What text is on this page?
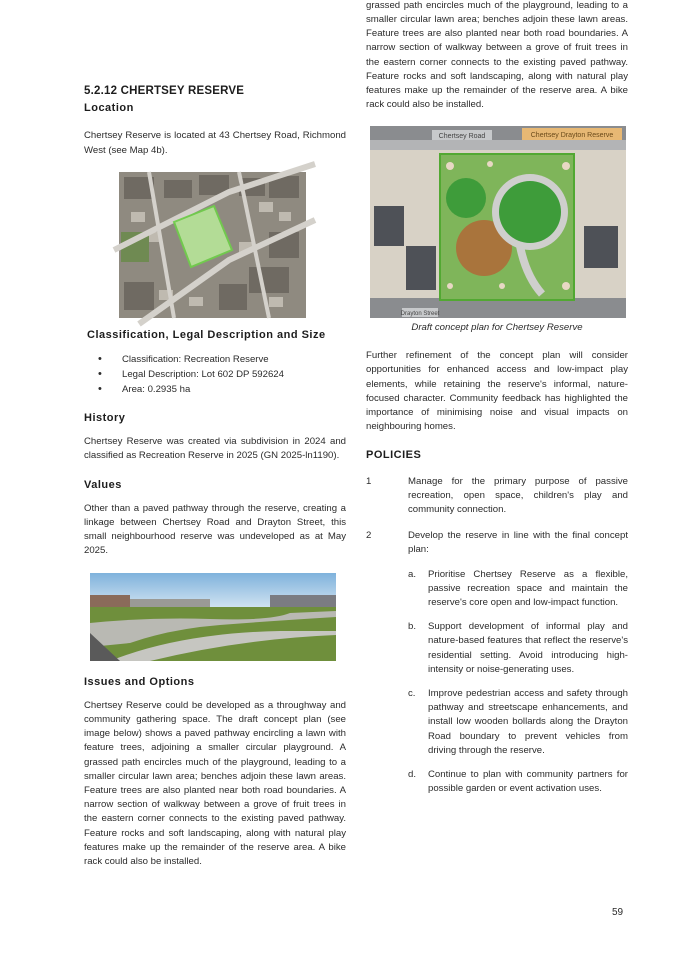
5.2.12 CHERTSEY RESERVE
Location

Chertsey Reserve is located at 43 Chertsey Road, Richmond West (see Map 4b).

Classification, Legal Description and Size
• Classification: Recreation Reserve
• Legal Description: Lot 602 DP 592624
• Area: 0.2935 ha
History

Chertsey Reserve was created via subdivision in 2024 and classified as Recreation Reserve in 2025 (GN 2025-ln1190).

Values

Other than a paved pathway through the reserve, creating a linkage between Chertsey Road and Drayton Street, this small neighbourhood reserve was undeveloped as at May 2025.

Issues and Options

Chertsey Reserve could be developed as a throughway and community gathering space. The draft concept plan (see image below) shows a paved pathway encircling a lawn with feature trees, adjoining a smaller circular playground. A grassed path encircles much of the playground, leading to a smaller circular lawn area; benches adjoin these lawn areas. Feature trees are also planted near both road boundaries. A narrow section of walkway between a grove of fruit trees in the eastern corner connects to the existing paved pathway. Feature rocks and soft landscaping, along with natural play features make up the remainder of the reserve area. A bike rack could also be installed.

grassed path encircles much of the playground, leading to a smaller circular lawn area; benches adjoin these lawn areas. Feature trees are also planted near both road boundaries. A narrow section of walkway between a grove of fruit trees in the eastern corner connects to the existing paved pathway. Feature rocks and soft landscaping, along with natural play features make up the remainder of the reserve area. A bike rack could also be installed.

Chertsey Road	Chertsey Drayton Reserve
Drayton Street
Draft concept plan for Chertsey Reserve

Further refinement of the concept plan will consider opportunities for enhanced access and low-impact play elements, while retaining the reserve's informal, nature-focused character. Community feedback has highlighted the importance of minimising noise and visual impacts on neighbouring homes.

POLICIES
1	Manage for the primary purpose of passive recreation, open space, children's play and community connection.
2	Develop the reserve in line with the final concept plan:
a.	Prioritise Chertsey Reserve as a flexible, passive recreation space and maintain the reserve's core open and low-impact function.
b.	Support development of informal play and nature-based features that reflect the reserve's residential setting. Avoid introducing high-intensity or noise-generating uses.
c.	Improve pedestrian access and safety through pathway and streetscape enhancements, and install low wooden bollards along the Drayton Road boundary to prevent vehicles from driving through the reserve.
d.	Continue to plan with community partners for possible garden or event activation uses.
59
